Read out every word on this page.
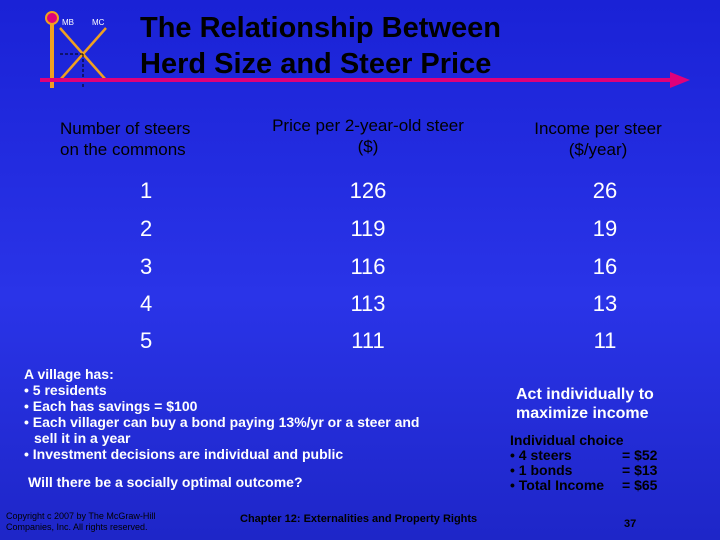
MB MC The Relationship Between
Herd Size and Steer Price
Number of steers
on the commons
Price per 2-year-old steer
($)
Income per steer
($/year)
1	126	26
2	119	19
3	116	16
4	113	13
5	111	11
A village has:
• 5 residents
• Each has savings = $100
• Each villager can buy a bond paying 13%/yr or a steer and
sell it in a year
• Investment decisions are individual and public
Will there be a socially optimal outcome?
Act individually to
maximize income
Individual choice
• 4 steers	= $52
• 1 bonds	= $13
• Total Income = $65
Copyright c 2007 by The McGraw-Hill
Companies, Inc. All rights reserved.
Chapter 12: Externalities and Property Rights	37
